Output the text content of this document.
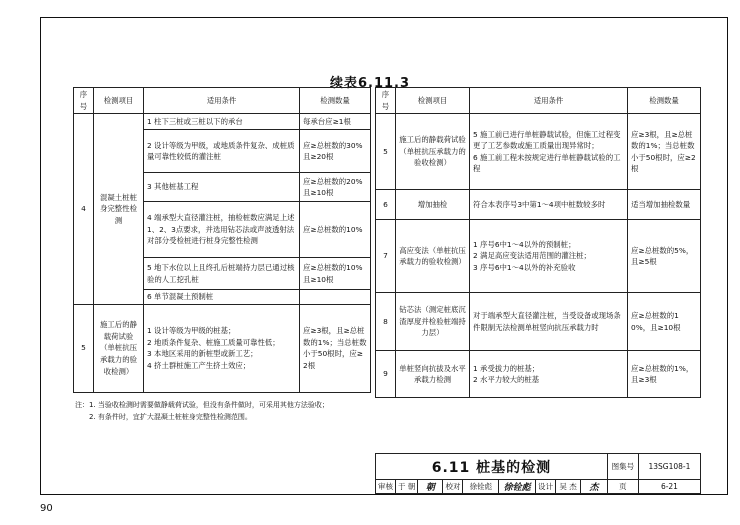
续表6.11.3
序号	检测项目	适用条件	检测数量
4	混凝土桩桩身完整性检测	1 柱下三桩或三桩以下的承台	每承台应≥1根
		2 设计等级为甲级，或地质条件复杂、成桩质量可靠性较低的灌注桩	应≥总桩数的30%且≥20根
		3 其他桩基工程	应≥总桩数的20%且≥10根
		4 端承型大直径灌注桩，抽检桩数应满足上述1、2、3点要求，并选用钻芯法或声波透射法对部分受检桩进行桩身完整性检测	应≥总桩数的10%
		5 地下水位以上且终孔后桩端持力层已通过核验的人工挖孔桩	应≥总桩数的10%且≥10根
		6 单节混凝土预制桩	
5	施工后的静载荷试验（单桩抗压承载力的验收检测）	1 设计等级为甲级的桩基；
2 地质条件复杂、桩施工质量可靠性低；
3 本地区采用的新桩型或新工艺；
4 挤土群桩施工产生挤土效应；	应≥3根，且≥总桩数的1%；当总桩数小于50根时，应≥2根
序号	检测项目	适用条件	检测数量
5	施工后的静载荷试验（单桩抗压承载力的验收检测）	5 施工前已进行单桩静载试验，但施工过程变更了工艺参数或施工质量出现异常时；
6 施工前工程未按规定进行单桩静载试验的工程	应≥3根，且≥总桩数的1%；当总桩数小于50根时，应≥2根
6	增加抽检	符合本表序号3中第1～4项中桩数较多时	适当增加抽检数量
7	高应变法（单桩抗压承载力的验收检测）	1 序号6中1～4以外的预制桩；
2 满足高应变法适用范围的灌注桩；
3 序号6中1～4以外的补充验收	应≥总桩数的5%，且≥5根
8	钻芯法（测定桩底沉渣厚度并检验桩端持力层）	对于端承型大直径灌注桩，当受设备或现场条件限制无法检测单桩竖向抗压承载力时	应≥总桩数的10%，且≥10根
9	单桩竖向抗拔及水平承载力检测	1 承受拔力的桩基；
2 水平力较大的桩基	应≥总桩数的1%，且≥3根
注：1. 当验收检测时需要做静载荷试验，但没有条件做时，可采用其他方法验收；
2. 有条件时，宜扩大混凝土桩桩身完整性检测范围。
6.11 桩基的检测									图集号	13SG108-1
审核	于 朝	朝	校对	徐铨彪	徐铨彪	设计	吴 杰	杰	页	6-21
90
